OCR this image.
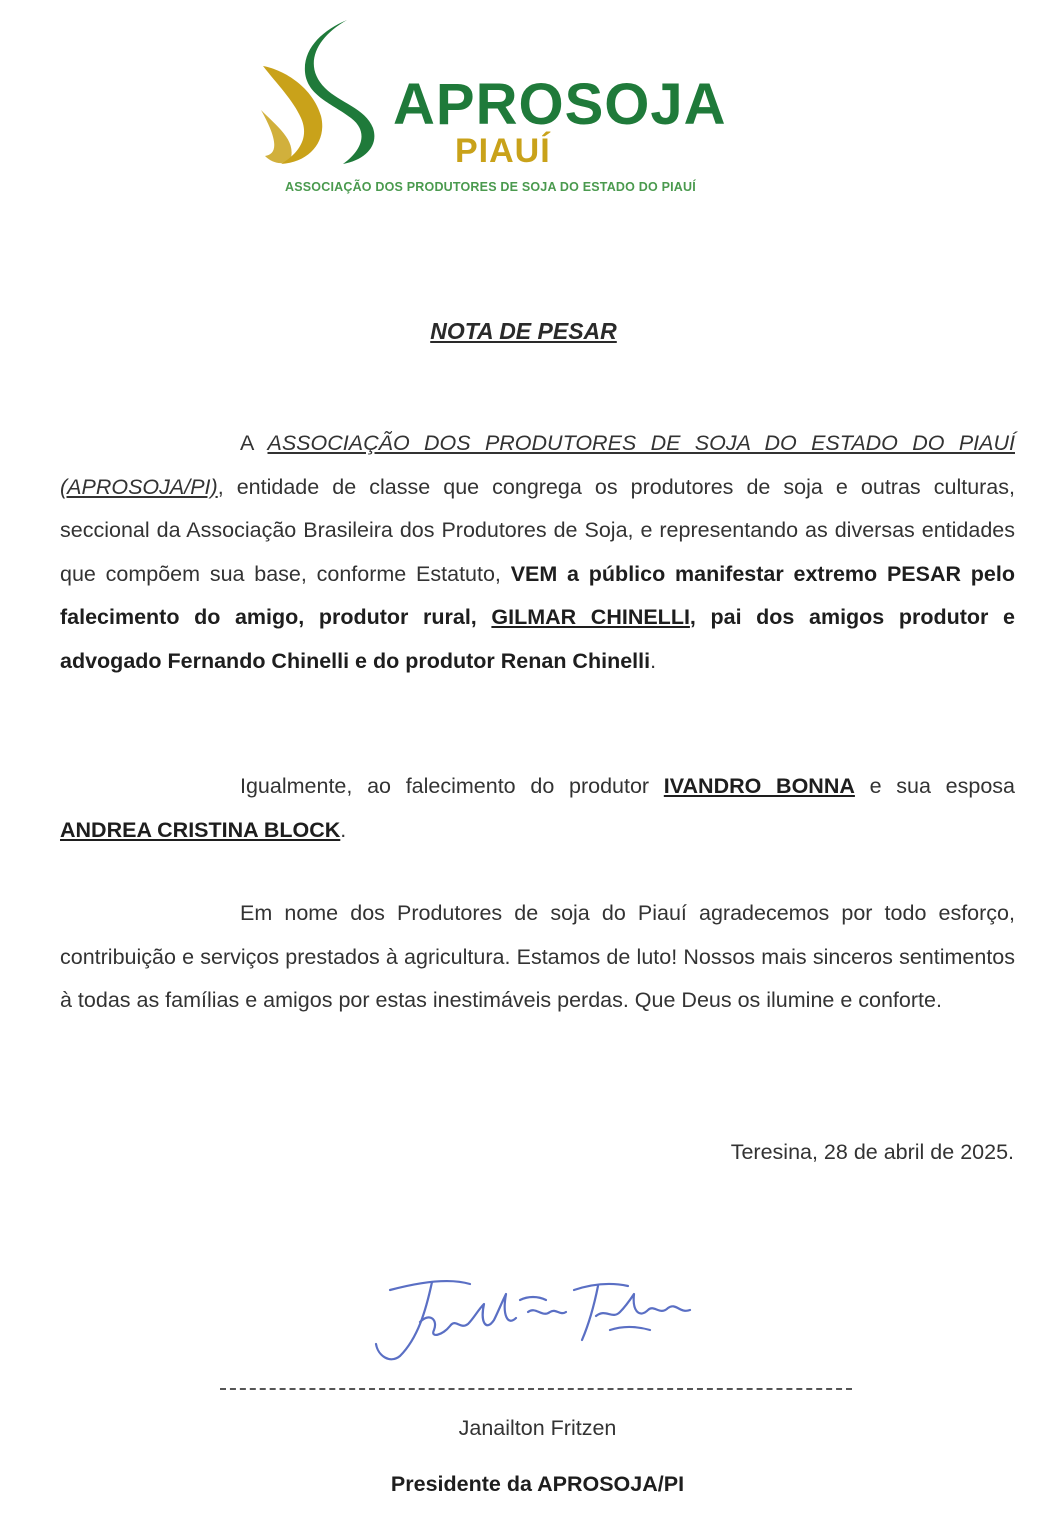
APROSOJA
PIAUÍ
ASSOCIAÇÃO DOS PRODUTORES DE SOJA DO ESTADO DO PIAUÍ
NOTA DE PESAR

A ASSOCIAÇÃO DOS PRODUTORES DE SOJA DO ESTADO DO PIAUÍ (APROSOJA/PI), entidade de classe que congrega os produtores de soja e outras culturas, seccional da Associação Brasileira dos Produtores de Soja, e representando as diversas entidades que compõem sua base, conforme Estatuto, VEM a público manifestar extremo PESAR pelo falecimento do amigo, produtor rural, GILMAR CHINELLI, pai dos amigos produtor e advogado Fernando Chinelli e do produtor Renan Chinelli.

Igualmente, ao falecimento do produtor IVANDRO BONNA e sua esposa ANDREA CRISTINA BLOCK.

Em nome dos Produtores de soja do Piauí agradecemos por todo esforço, contribuição e serviços prestados à agricultura. Estamos de luto! Nossos mais sinceros sentimentos à todas as famílias e amigos por estas inestimáveis perdas. Que Deus os ilumine e conforte.

Teresina, 28 de abril de 2025.
Janailton Fritzen
Presidente da APROSOJA/PI
